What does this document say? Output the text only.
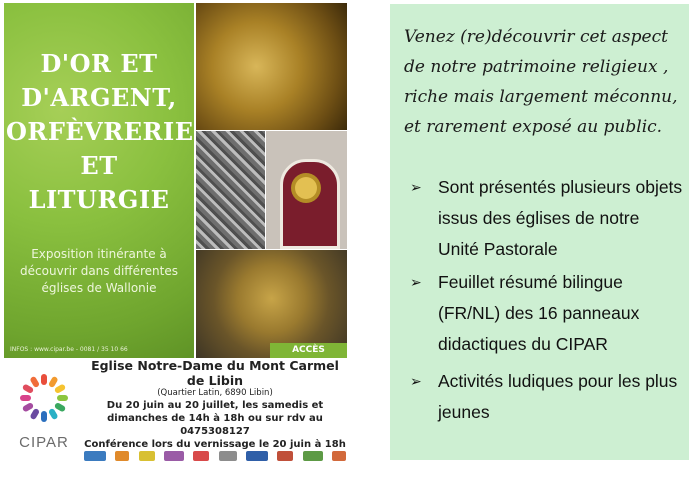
D'OR ET
D'ARGENT,
ORFÈVRERIE
ET LITURGIE
Exposition itinérante à découvrir dans différentes églises de Wallonie
INFOS : www.cipar.be - 0081 / 35 10 66	ACCÈS
CIPAR
Eglise Notre-Dame du Mont Carmel de Libin
(Quartier Latin, 6890 Libin)
Du 20 juin au 20 juillet, les samedis et dimanches de 14h à 18h ou sur rdv au 0475308127
Conférence lors du vernissage le 20 juin à 18h
Venez (re)découvrir cet aspect de notre patrimoine religieux , riche mais largement méconnu, et rarement exposé au public.
➢ Sont présentés plusieurs objets issus des églises de notre Unité Pastorale
➢ Feuillet résumé bilingue (FR/NL) des 16 panneaux didactiques du CIPAR
➢ Activités ludiques pour les plus jeunes
